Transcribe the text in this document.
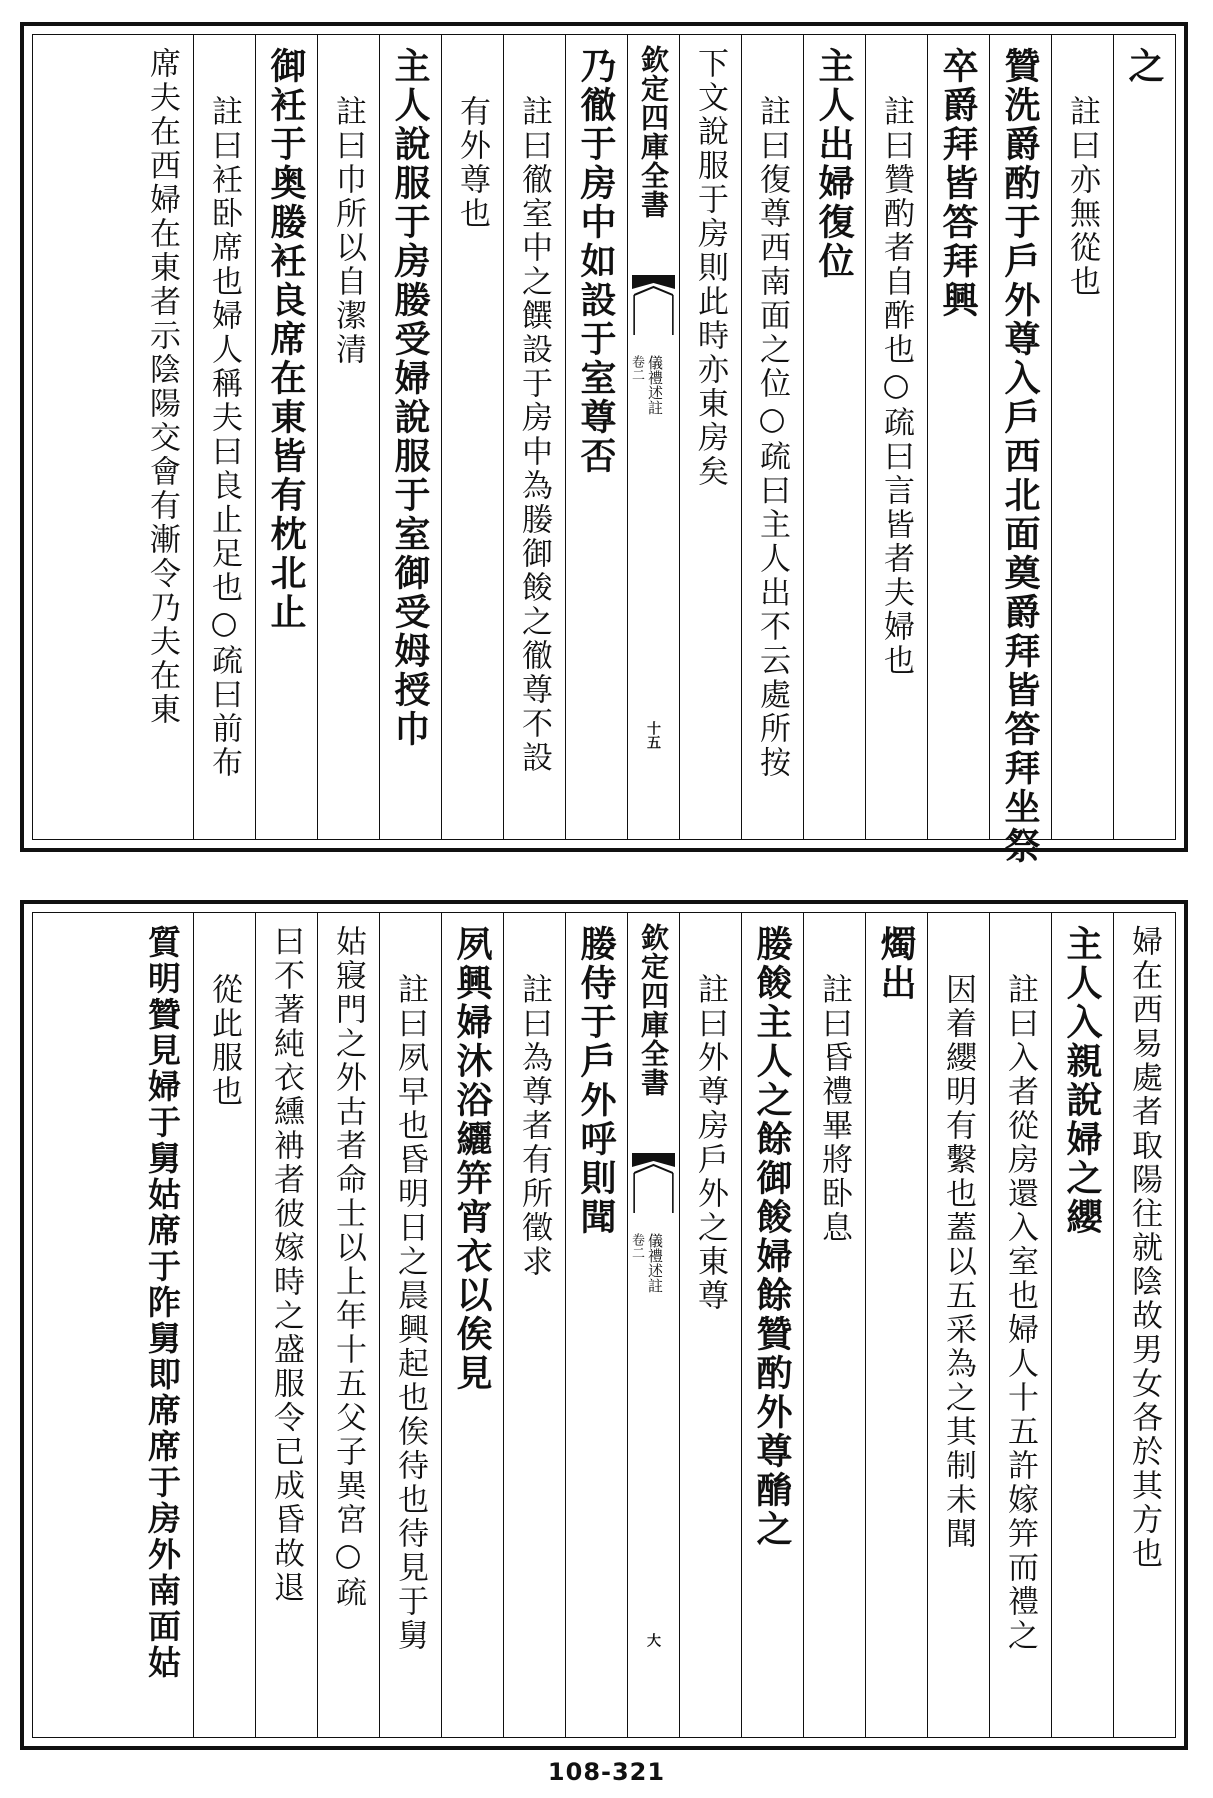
之
註曰亦無從也
贊洗爵酌于戶外尊入戶西北面奠爵拜皆答拜坐祭
卒爵拜皆答拜興
註曰贊酌者自酢也○疏曰言皆者夫婦也
主人出婦復位
註曰復尊西南面之位○疏曰主人出不云處所按
下文說服于房則此時亦東房矣
欽定四庫全書
儀禮述註
卷二
十五
乃徹于房中如設于室尊否
註曰徹室中之饌設于房中為媵御餕之徹尊不設
有外尊也
主人說服于房媵受婦說服于室御受姆授巾
註曰巾所以自潔清
御衽于奥媵衽良席在東皆有枕北止
註曰衽卧席也婦人稱夫曰良止足也○疏曰前布
席夫在西婦在東者示陰陽交會有漸令乃夫在東
婦在西易處者取陽往就陰故男女各於其方也
主人入親說婦之纓
註曰入者從房還入室也婦人十五許嫁笄而禮之
因着纓明有繫也蓋以五采為之其制未聞
燭出
註曰昏禮畢將卧息
媵餕主人之餘御餕婦餘贊酌外尊酳之
註曰外尊房戶外之東尊
欽定四庫全書
儀禮述註
卷二
大
媵侍于戶外呼則聞
註曰為尊者有所徵求
夙興婦沐浴纚笄宵衣以俟見
註曰夙早也昏明日之晨興起也俟待也待見于舅
姑寢門之外古者命士以上年十五父子異宮○疏
曰不著純衣纁袡者彼嫁時之盛服令已成昏故退
從此服也
質明贊見婦于舅姑席于阼舅即席席于房外南面姑
108-321
